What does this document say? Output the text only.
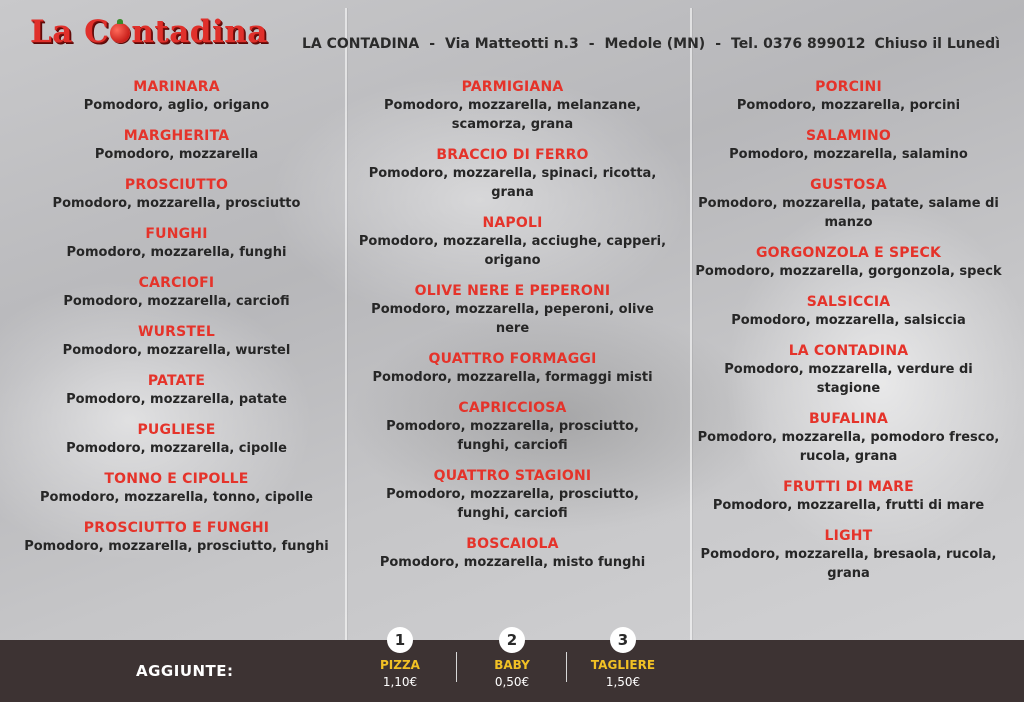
La C ntadina LA CONTADINA - Via Matteotti n.3 - Medole (MN) - Tel. 0376 899012 Chiuso il Lunedì
MARINARA
Pomodoro, aglio, origano
MARGHERITA
Pomodoro, mozzarella
PROSCIUTTO
Pomodoro, mozzarella, prosciutto
FUNGHI
Pomodoro, mozzarella, funghi
CARCIOFI
Pomodoro, mozzarella, carciofi
WURSTEL
Pomodoro, mozzarella, wurstel
PATATE
Pomodoro, mozzarella, patate
PUGLIESE
Pomodoro, mozzarella, cipolle
TONNO E CIPOLLE
Pomodoro, mozzarella, tonno, cipolle
PROSCIUTTO E FUNGHI
Pomodoro, mozzarella, prosciutto, funghi
PARMIGIANA
Pomodoro, mozzarella, melanzane, scamorza, grana
BRACCIO DI FERRO
Pomodoro, mozzarella, spinaci, ricotta, grana
NAPOLI
Pomodoro, mozzarella, acciughe, capperi, origano
OLIVE NERE E PEPERONI
Pomodoro, mozzarella, peperoni, olive nere
QUATTRO FORMAGGI
Pomodoro, mozzarella, formaggi misti
CAPRICCIOSA
Pomodoro, mozzarella, prosciutto, funghi, carciofi
QUATTRO STAGIONI
Pomodoro, mozzarella, prosciutto, funghi, carciofi
BOSCAIOLA
Pomodoro, mozzarella, misto funghi
PORCINI
Pomodoro, mozzarella, porcini
SALAMINO
Pomodoro, mozzarella, salamino
GUSTOSA
Pomodoro, mozzarella, patate, salame di manzo
GORGONZOLA E SPECK
Pomodoro, mozzarella, gorgonzola, speck
SALSICCIA
Pomodoro, mozzarella, salsiccia
LA CONTADINA
Pomodoro, mozzarella, verdure di stagione
BUFALINA
Pomodoro, mozzarella, pomodoro fresco, rucola, grana
FRUTTI DI MARE
Pomodoro, mozzarella, frutti di mare
LIGHT
Pomodoro, mozzarella, bresaola, rucola, grana
AGGIUNTE:
1
PIZZA
1,10€
2
BABY
0,50€
3
TAGLIERE
1,50€
